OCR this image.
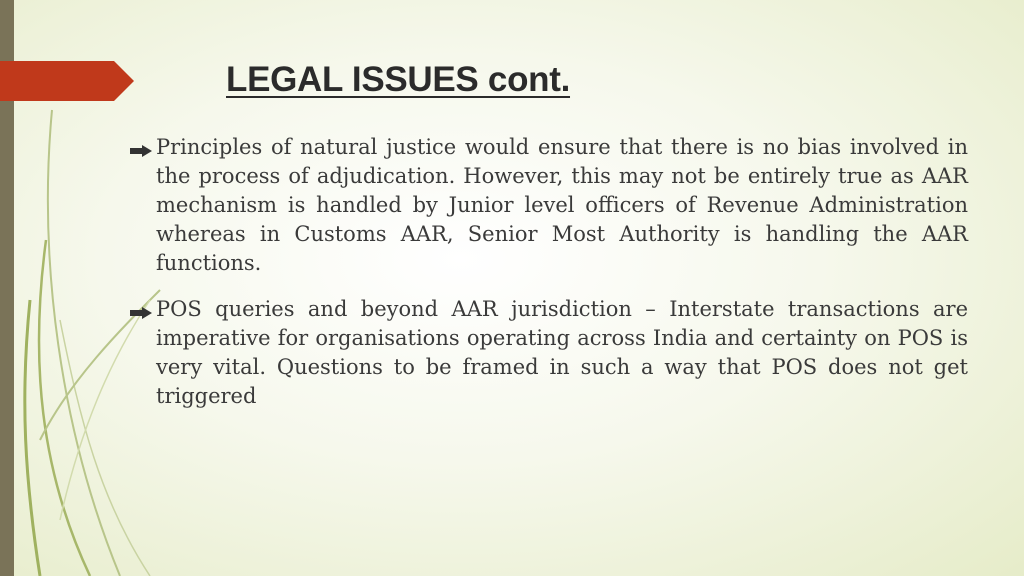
LEGAL ISSUES cont.

Principles of natural justice would ensure that there is no bias involved in the process of adjudication. However, this may not be entirely true as AAR mechanism is handled by Junior level officers of Revenue Administration whereas in Customs AAR, Senior Most Authority is handling the AAR functions.

POS queries and beyond AAR jurisdiction – Interstate transactions are imperative for organisations operating across India and certainty on POS is very vital. Questions to be framed in such a way that POS does not get triggered
